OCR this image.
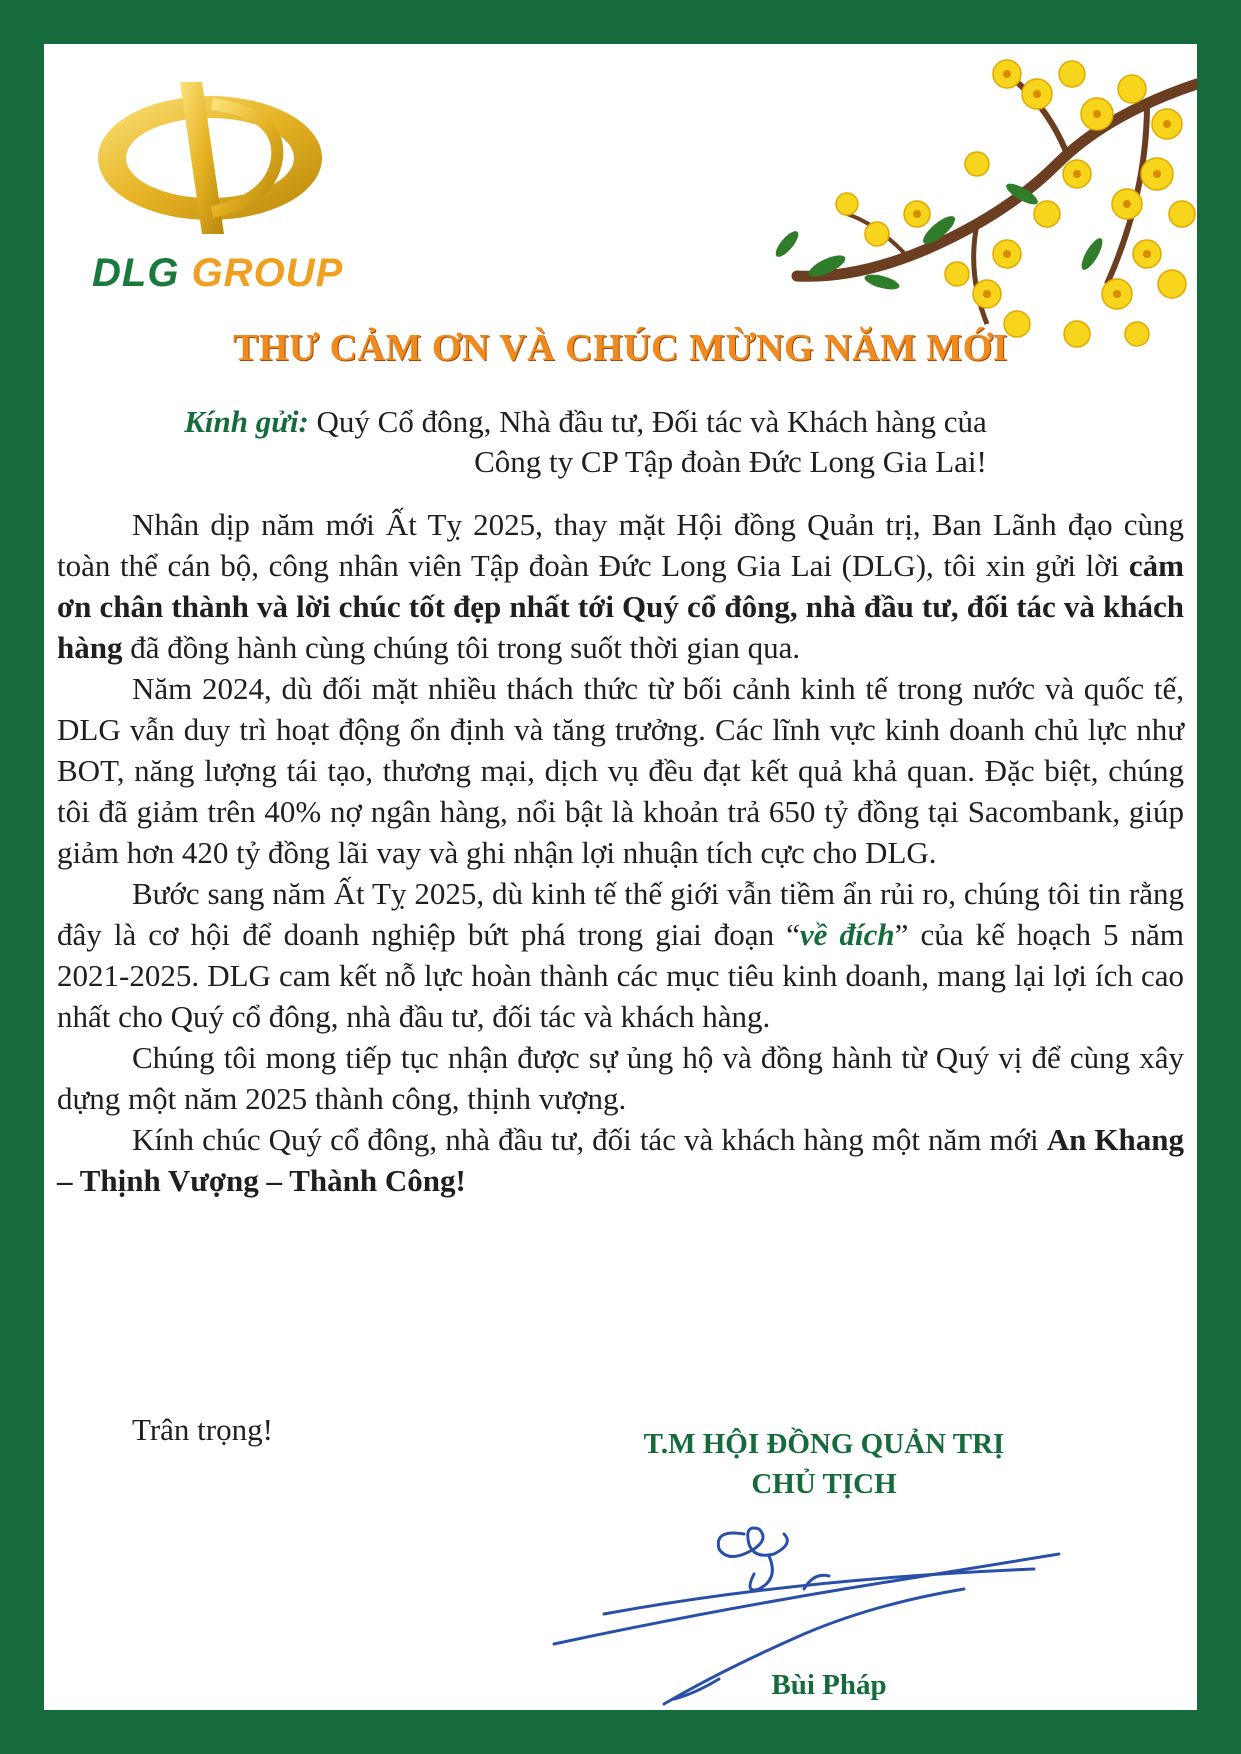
DLG GROUP
THƯ CẢM ƠN VÀ CHÚC MỪNG NĂM MỚI
Kính gửi: Quý Cổ đông, Nhà đầu tư, Đối tác và Khách hàng của
Công ty CP Tập đoàn Đức Long Gia Lai!

Nhân dịp năm mới Ất Tỵ 2025, thay mặt Hội đồng Quản trị, Ban Lãnh đạo cùng toàn thể cán bộ, công nhân viên Tập đoàn Đức Long Gia Lai (DLG), tôi xin gửi lời cảm ơn chân thành và lời chúc tốt đẹp nhất tới Quý cổ đông, nhà đầu tư, đối tác và khách hàng đã đồng hành cùng chúng tôi trong suốt thời gian qua.

Năm 2024, dù đối mặt nhiều thách thức từ bối cảnh kinh tế trong nước và quốc tế, DLG vẫn duy trì hoạt động ổn định và tăng trưởng. Các lĩnh vực kinh doanh chủ lực như BOT, năng lượng tái tạo, thương mại, dịch vụ đều đạt kết quả khả quan. Đặc biệt, chúng tôi đã giảm trên 40% nợ ngân hàng, nổi bật là khoản trả 650 tỷ đồng tại Sacombank, giúp giảm hơn 420 tỷ đồng lãi vay và ghi nhận lợi nhuận tích cực cho DLG.

Bước sang năm Ất Tỵ 2025, dù kinh tế thế giới vẫn tiềm ẩn rủi ro, chúng tôi tin rằng đây là cơ hội để doanh nghiệp bứt phá trong giai đoạn “về đích” của kế hoạch 5 năm 2021-2025. DLG cam kết nỗ lực hoàn thành các mục tiêu kinh doanh, mang lại lợi ích cao nhất cho Quý cổ đông, nhà đầu tư, đối tác và khách hàng.

Chúng tôi mong tiếp tục nhận được sự ủng hộ và đồng hành từ Quý vị để cùng xây dựng một năm 2025 thành công, thịnh vượng.

Kính chúc Quý cổ đông, nhà đầu tư, đối tác và khách hàng một năm mới An Khang – Thịnh Vượng – Thành Công!

Trân trọng!	T.M HỘI ĐỒNG QUẢN TRỊ
CHỦ TỊCH
Bùi Pháp
